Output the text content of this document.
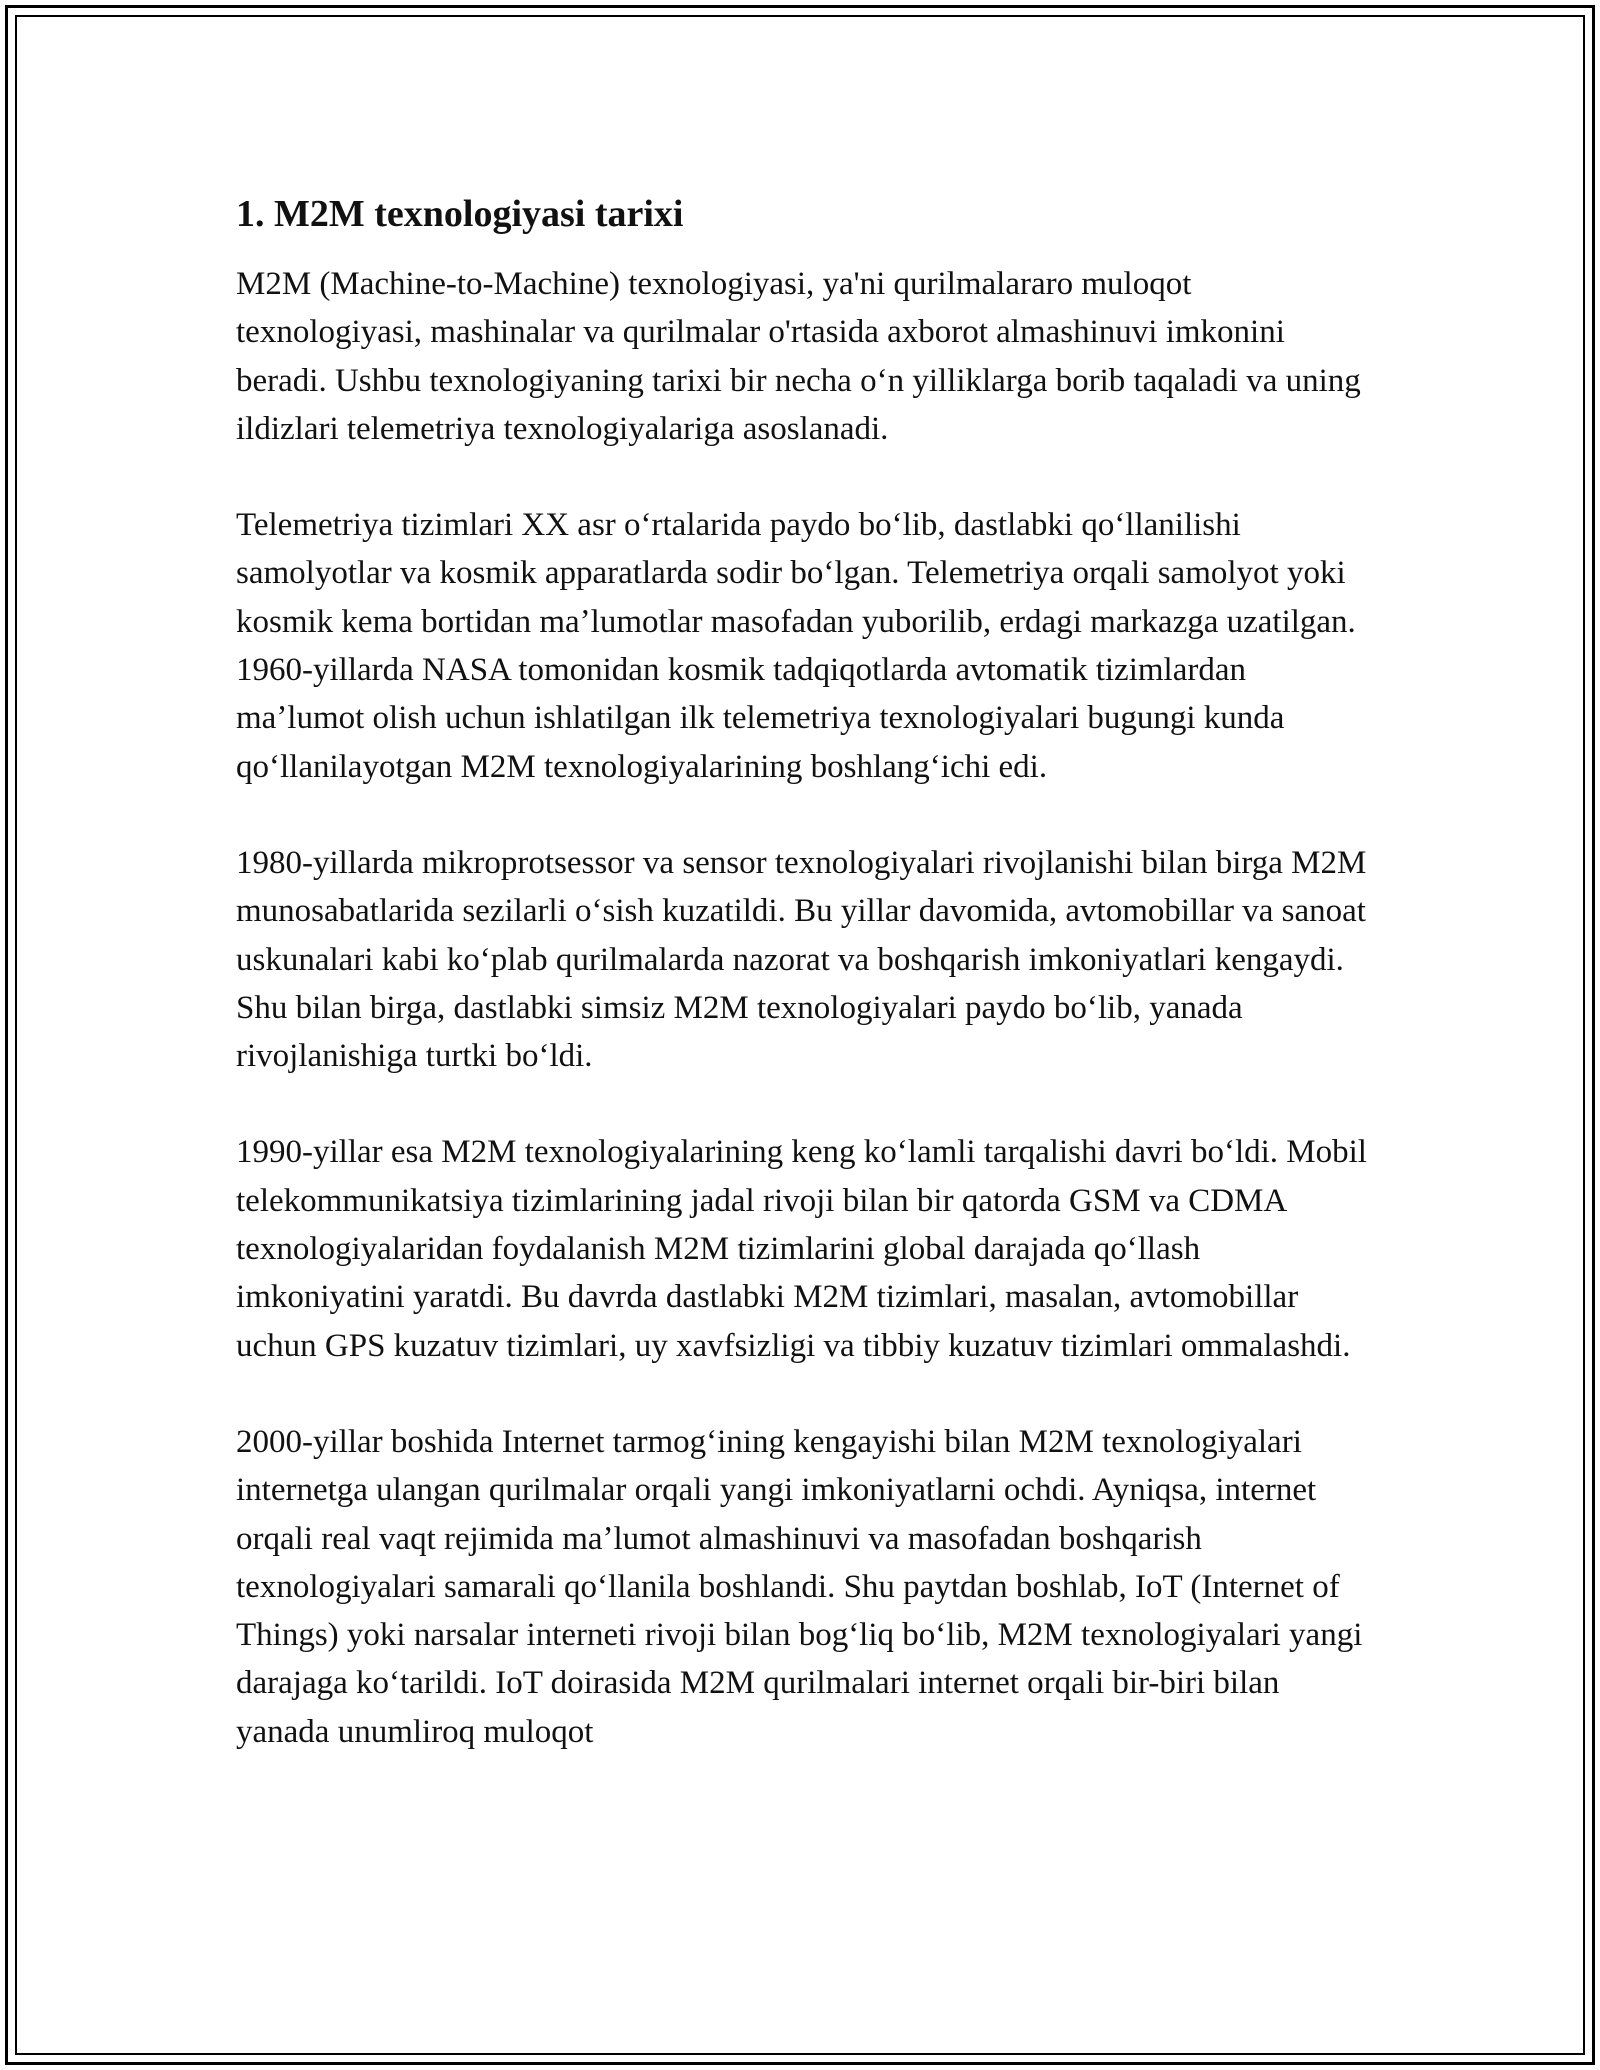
1. M2M texnologiyasi tarixi

M2M (Machine-to-Machine) texnologiyasi, ya'ni qurilmalararo muloqot texnologiyasi, mashinalar va qurilmalar o'rtasida axborot almashinuvi imkonini beradi. Ushbu texnologiyaning tarixi bir necha oʻn yilliklarga borib taqaladi va uning ildizlari telemetriya texnologiyalariga asoslanadi.

Telemetriya tizimlari XX asr oʻrtalarida paydo boʻlib, dastlabki qoʻllanilishi samolyotlar va kosmik apparatlarda sodir boʻlgan. Telemetriya orqali samolyot yoki kosmik kema bortidan maʼlumotlar masofadan yuborilib, erdagi markazga uzatilgan. 1960-yillarda NASA tomonidan kosmik tadqiqotlarda avtomatik tizimlardan maʼlumot olish uchun ishlatilgan ilk telemetriya texnologiyalari bugungi kunda qoʻllanilayotgan M2M texnologiyalarining boshlangʻichi edi.

1980-yillarda mikroprotsessor va sensor texnologiyalari rivojlanishi bilan birga M2M munosabatlarida sezilarli oʻsish kuzatildi. Bu yillar davomida, avtomobillar va sanoat uskunalari kabi koʻplab qurilmalarda nazorat va boshqarish imkoniyatlari kengaydi. Shu bilan birga, dastlabki simsiz M2M texnologiyalari paydo boʻlib, yanada rivojlanishiga turtki boʻldi.

1990-yillar esa M2M texnologiyalarining keng koʻlamli tarqalishi davri boʻldi. Mobil telekommunikatsiya tizimlarining jadal rivoji bilan bir qatorda GSM va CDMA texnologiyalaridan foydalanish M2M tizimlarini global darajada qoʻllash imkoniyatini yaratdi. Bu davrda dastlabki M2M tizimlari, masalan, avtomobillar uchun GPS kuzatuv tizimlari, uy xavfsizligi va tibbiy kuzatuv tizimlari ommalashdi.

2000-yillar boshida Internet tarmogʻining kengayishi bilan M2M texnologiyalari internetga ulangan qurilmalar orqali yangi imkoniyatlarni ochdi. Ayniqsa, internet orqali real vaqt rejimida maʼlumot almashinuvi va masofadan boshqarish texnologiyalari samarali qoʻllanila boshlandi. Shu paytdan boshlab, IoT (Internet of Things) yoki narsalar interneti rivoji bilan bogʻliq boʻlib, M2M texnologiyalari yangi darajaga koʻtarildi. IoT doirasida M2M qurilmalari internet orqali bir-biri bilan yanada unumliroq muloqot
